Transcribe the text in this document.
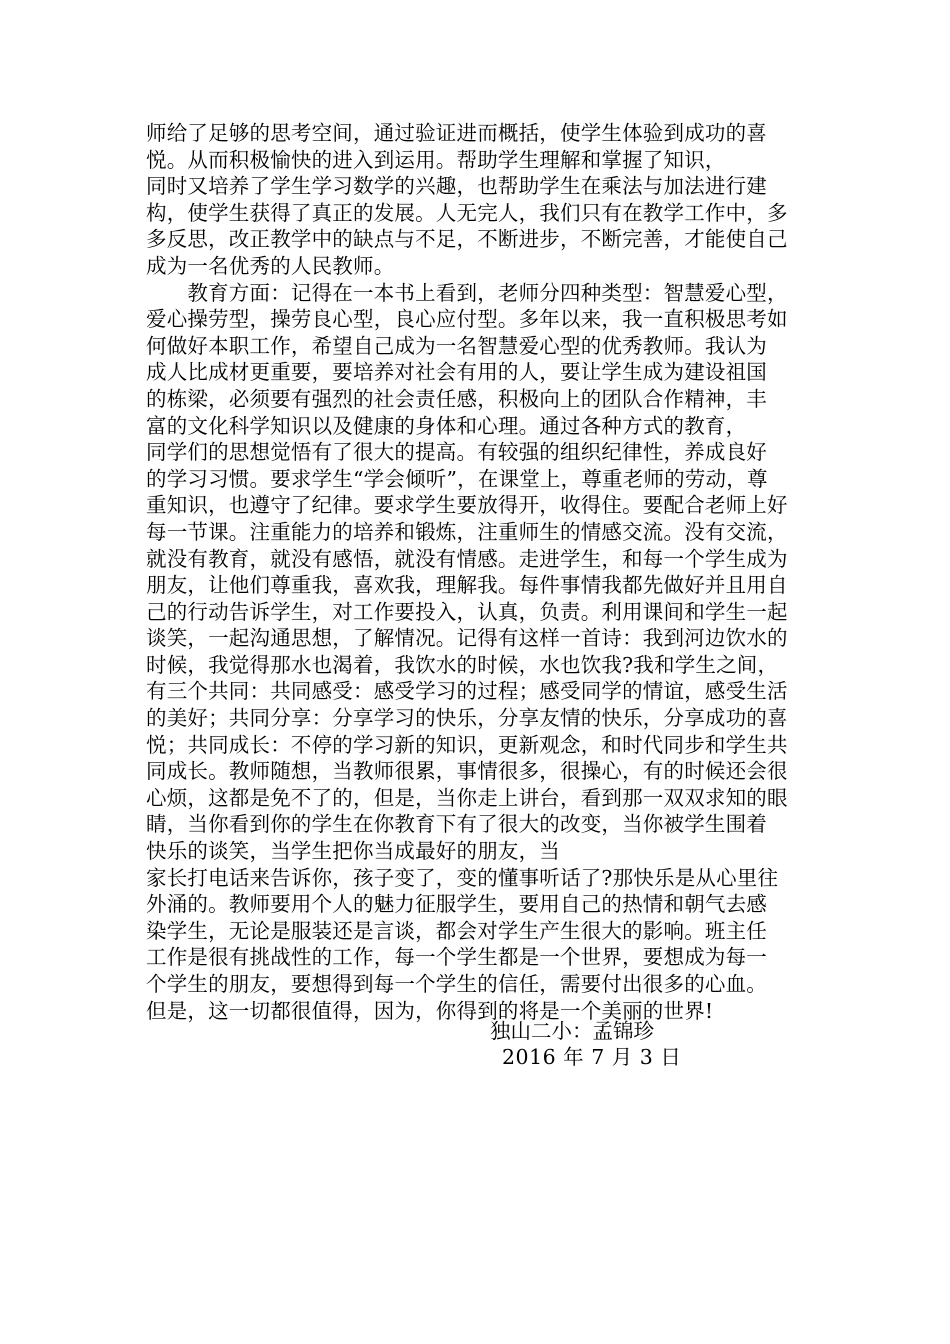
师给了足够的思考空间，通过验证进而概括，使学生体验到成功的喜
悦。从而积极愉快的进入到运用。帮助学生理解和掌握了知识，
同时又培养了学生学习数学的兴趣，也帮助学生在乘法与加法进行建
构，使学生获得了真正的发展。人无完人，我们只有在教学工作中，多
多反思，改正教学中的缺点与不足，不断进步，不断完善，才能使自己
成为一名优秀的人民教师。
　　教育方面：记得在一本书上看到，老师分四种类型：智慧爱心型，
爱心操劳型，操劳良心型，良心应付型。多年以来，我一直积极思考如
何做好本职工作，希望自己成为一名智慧爱心型的优秀教师。我认为
成人比成材更重要，要培养对社会有用的人，要让学生成为建设祖国
的栋梁，必须要有强烈的社会责任感，积极向上的团队合作精神，丰
富的文化科学知识以及健康的身体和心理。通过各种方式的教育，
同学们的思想觉悟有了很大的提高。有较强的组织纪律性，养成良好
的学习习惯。要求学生“学会倾听”，在课堂上，尊重老师的劳动，尊
重知识，也遵守了纪律。要求学生要放得开，收得住。要配合老师上好
每一节课。注重能力的培养和锻炼，注重师生的情感交流。没有交流，
就没有教育，就没有感悟，就没有情感。走进学生，和每一个学生成为
朋友，让他们尊重我，喜欢我，理解我。每件事情我都先做好并且用自
己的行动告诉学生，对工作要投入，认真，负责。利用课间和学生一起
谈笑，一起沟通思想，了解情况。记得有这样一首诗：我到河边饮水的
时候，我觉得那水也渴着，我饮水的时候，水也饮我?我和学生之间，
有三个共同：共同感受：感受学习的过程；感受同学的情谊，感受生活
的美好；共同分享：分享学习的快乐，分享友情的快乐，分享成功的喜
悦；共同成长：不停的学习新的知识，更新观念，和时代同步和学生共
同成长。教师随想，当教师很累，事情很多，很操心，有的时候还会很
心烦，这都是免不了的，但是，当你走上讲台，看到那一双双求知的眼
睛，当你看到你的学生在你教育下有了很大的改变，当你被学生围着
快乐的谈笑，当学生把你当成最好的朋友，当
家长打电话来告诉你，孩子变了，变的懂事听话了?那快乐是从心里往
外涌的。教师要用个人的魅力征服学生，要用自己的热情和朝气去感
染学生，无论是服装还是言谈，都会对学生产生很大的影响。班主任
工作是很有挑战性的工作，每一个学生都是一个世界，要想成为每一
个学生的朋友，要想得到每一个学生的信任，需要付出很多的心血。
但是，这一切都很值得，因为，你得到的将是一个美丽的世界!
独山二小：孟锦珍
2016 年 7 月 3 日
